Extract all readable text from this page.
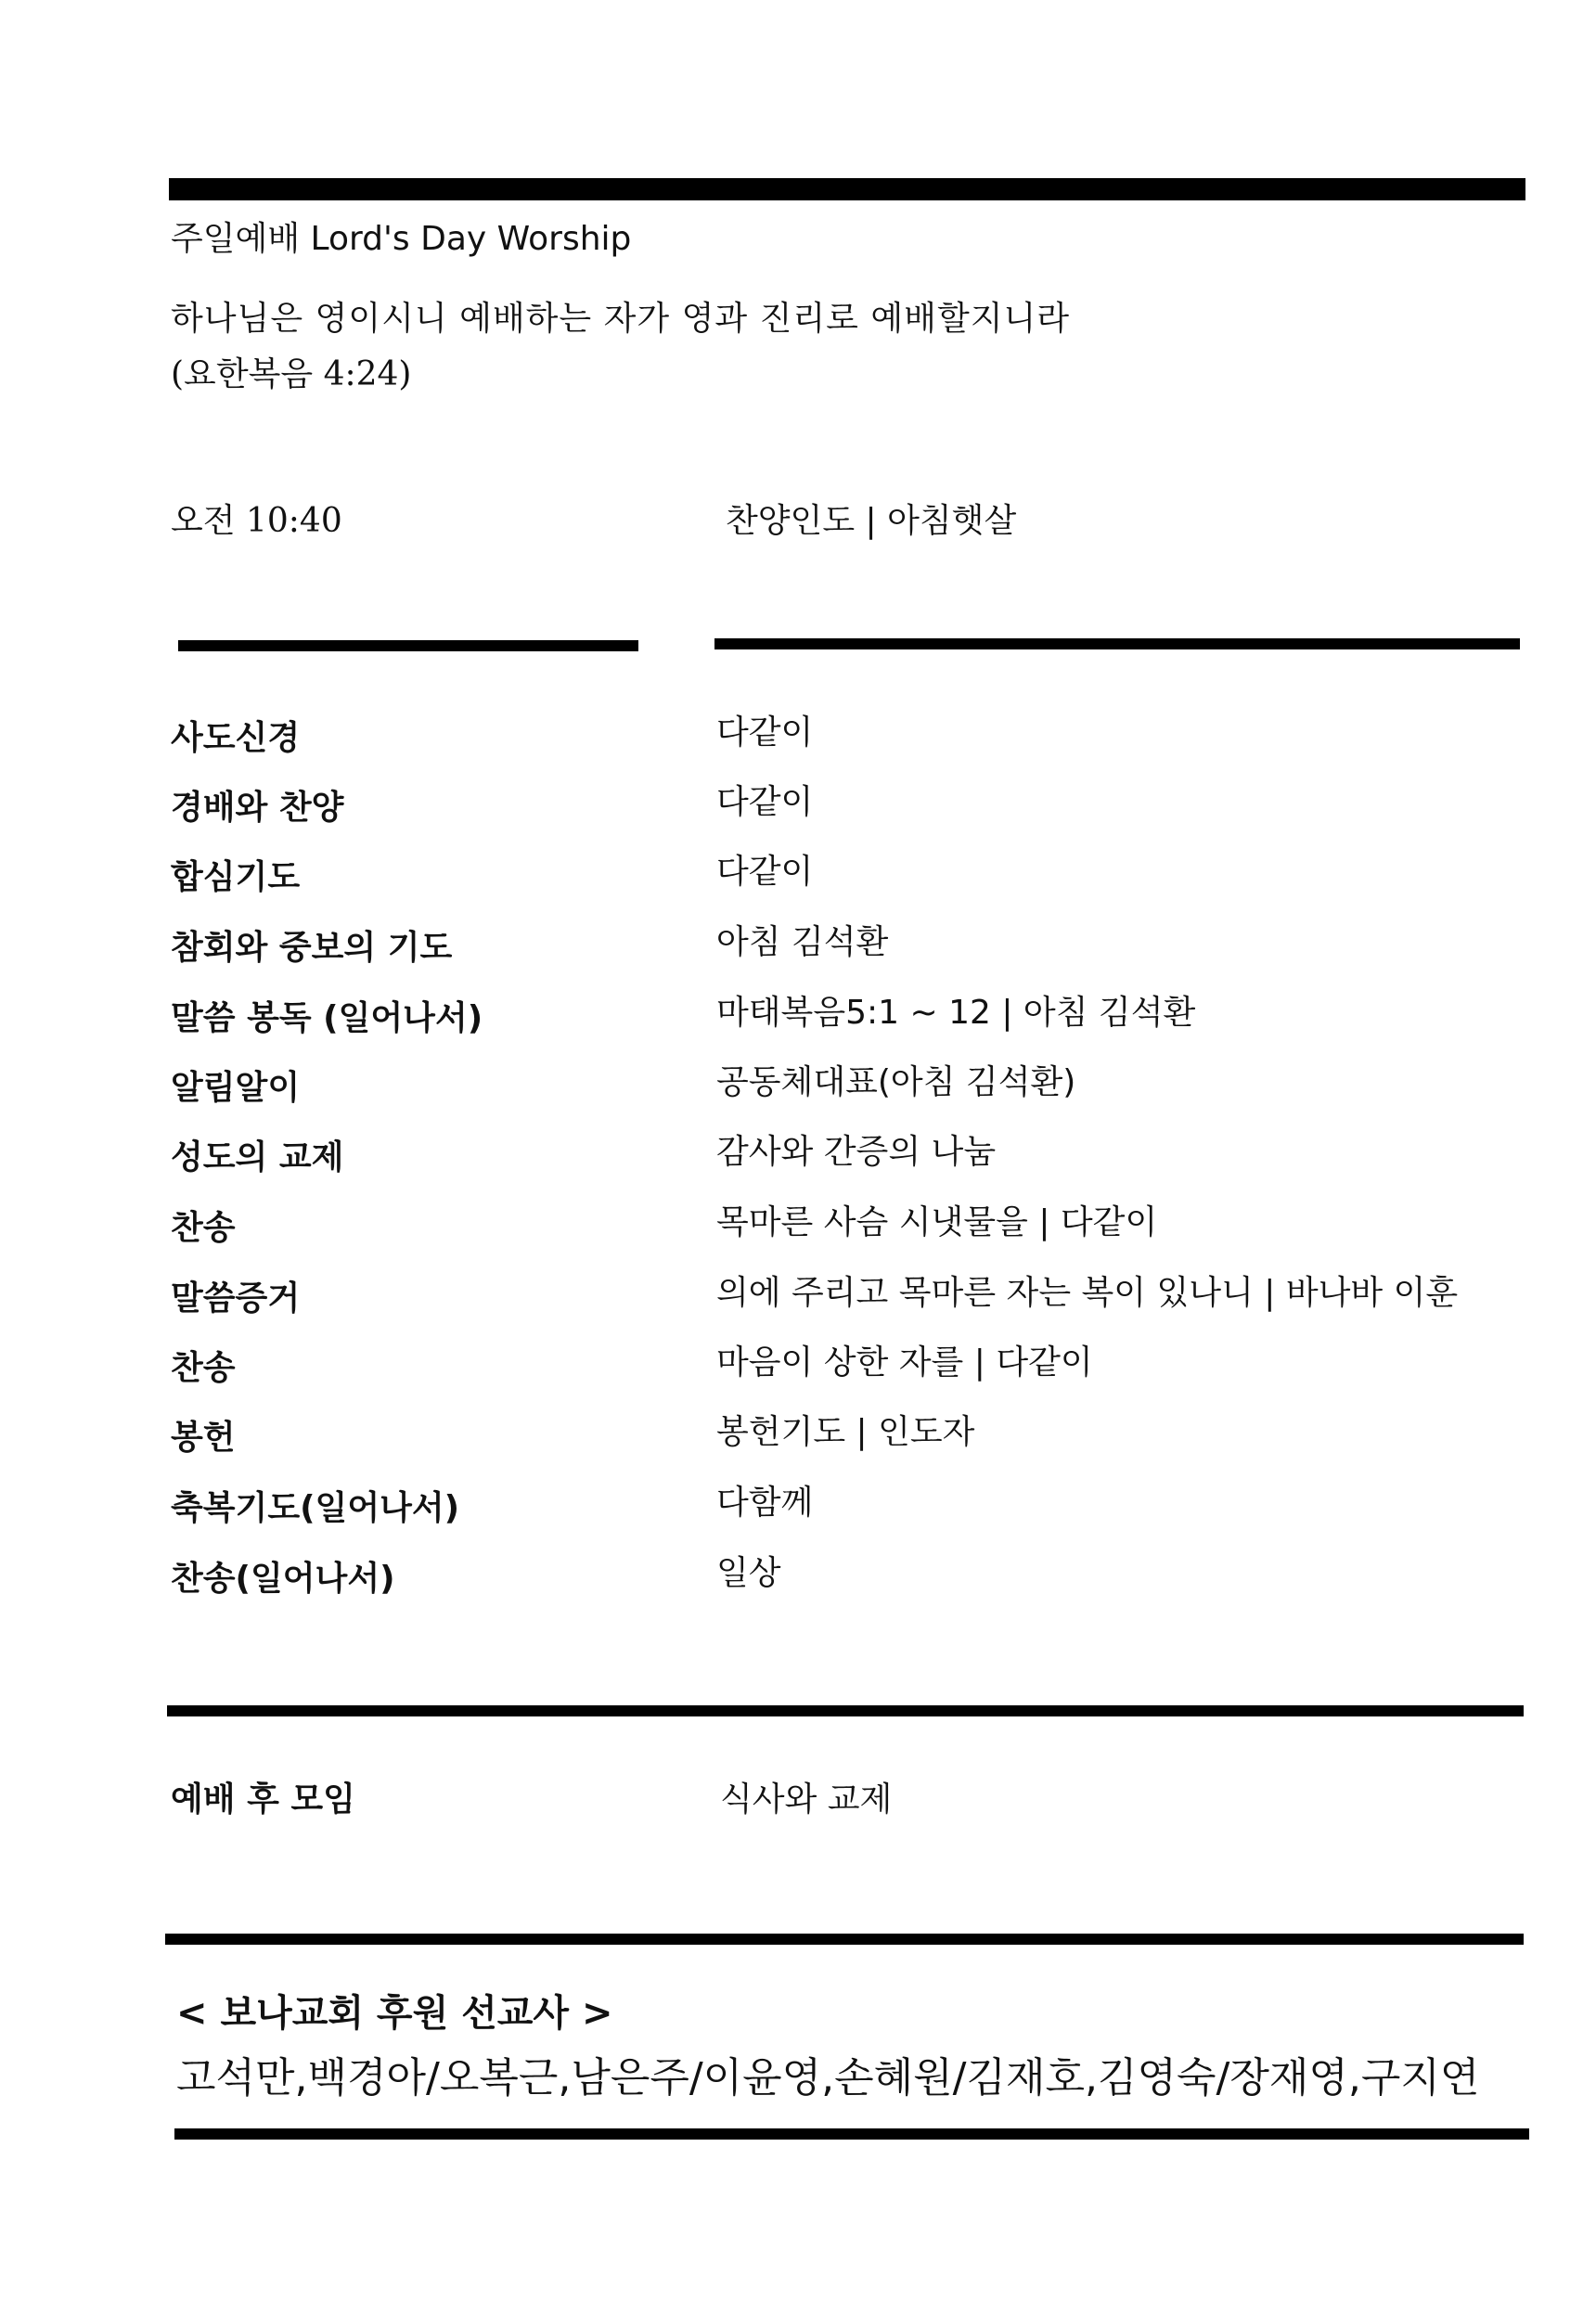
주일예배 Lord's Day Worship
하나님은 영이시니 예배하는 자가 영과 진리로 예배할지니라
(요한복음 4:24)
오전 10:40	찬양인도 | 아침햇살
사도신경	다같이
경배와 찬양	다같이
합심기도	다같이
참회와 중보의 기도	아침 김석환
말씀 봉독 (일어나서)	마태복음5:1 ~ 12 | 아침 김석환
알림알이	공동체대표(아침 김석환)
성도의 교제	감사와 간증의 나눔
찬송	목마른 사슴 시냇물을 | 다같이
말씀증거	의에 주리고 목마른 자는 복이 있나니 | 바나바 이훈
찬송	마음이 상한 자를 | 다같이
봉헌	봉헌기도 | 인도자
축복기도(일어나서)	다함께
찬송(일어나서)	일상
예배 후 모임	식사와 교제
< 보나교회 후원 선교사 >
고석만,백경아/오복근,남은주/이윤영,손혜원/김재호,김영숙/장재영,구지연
